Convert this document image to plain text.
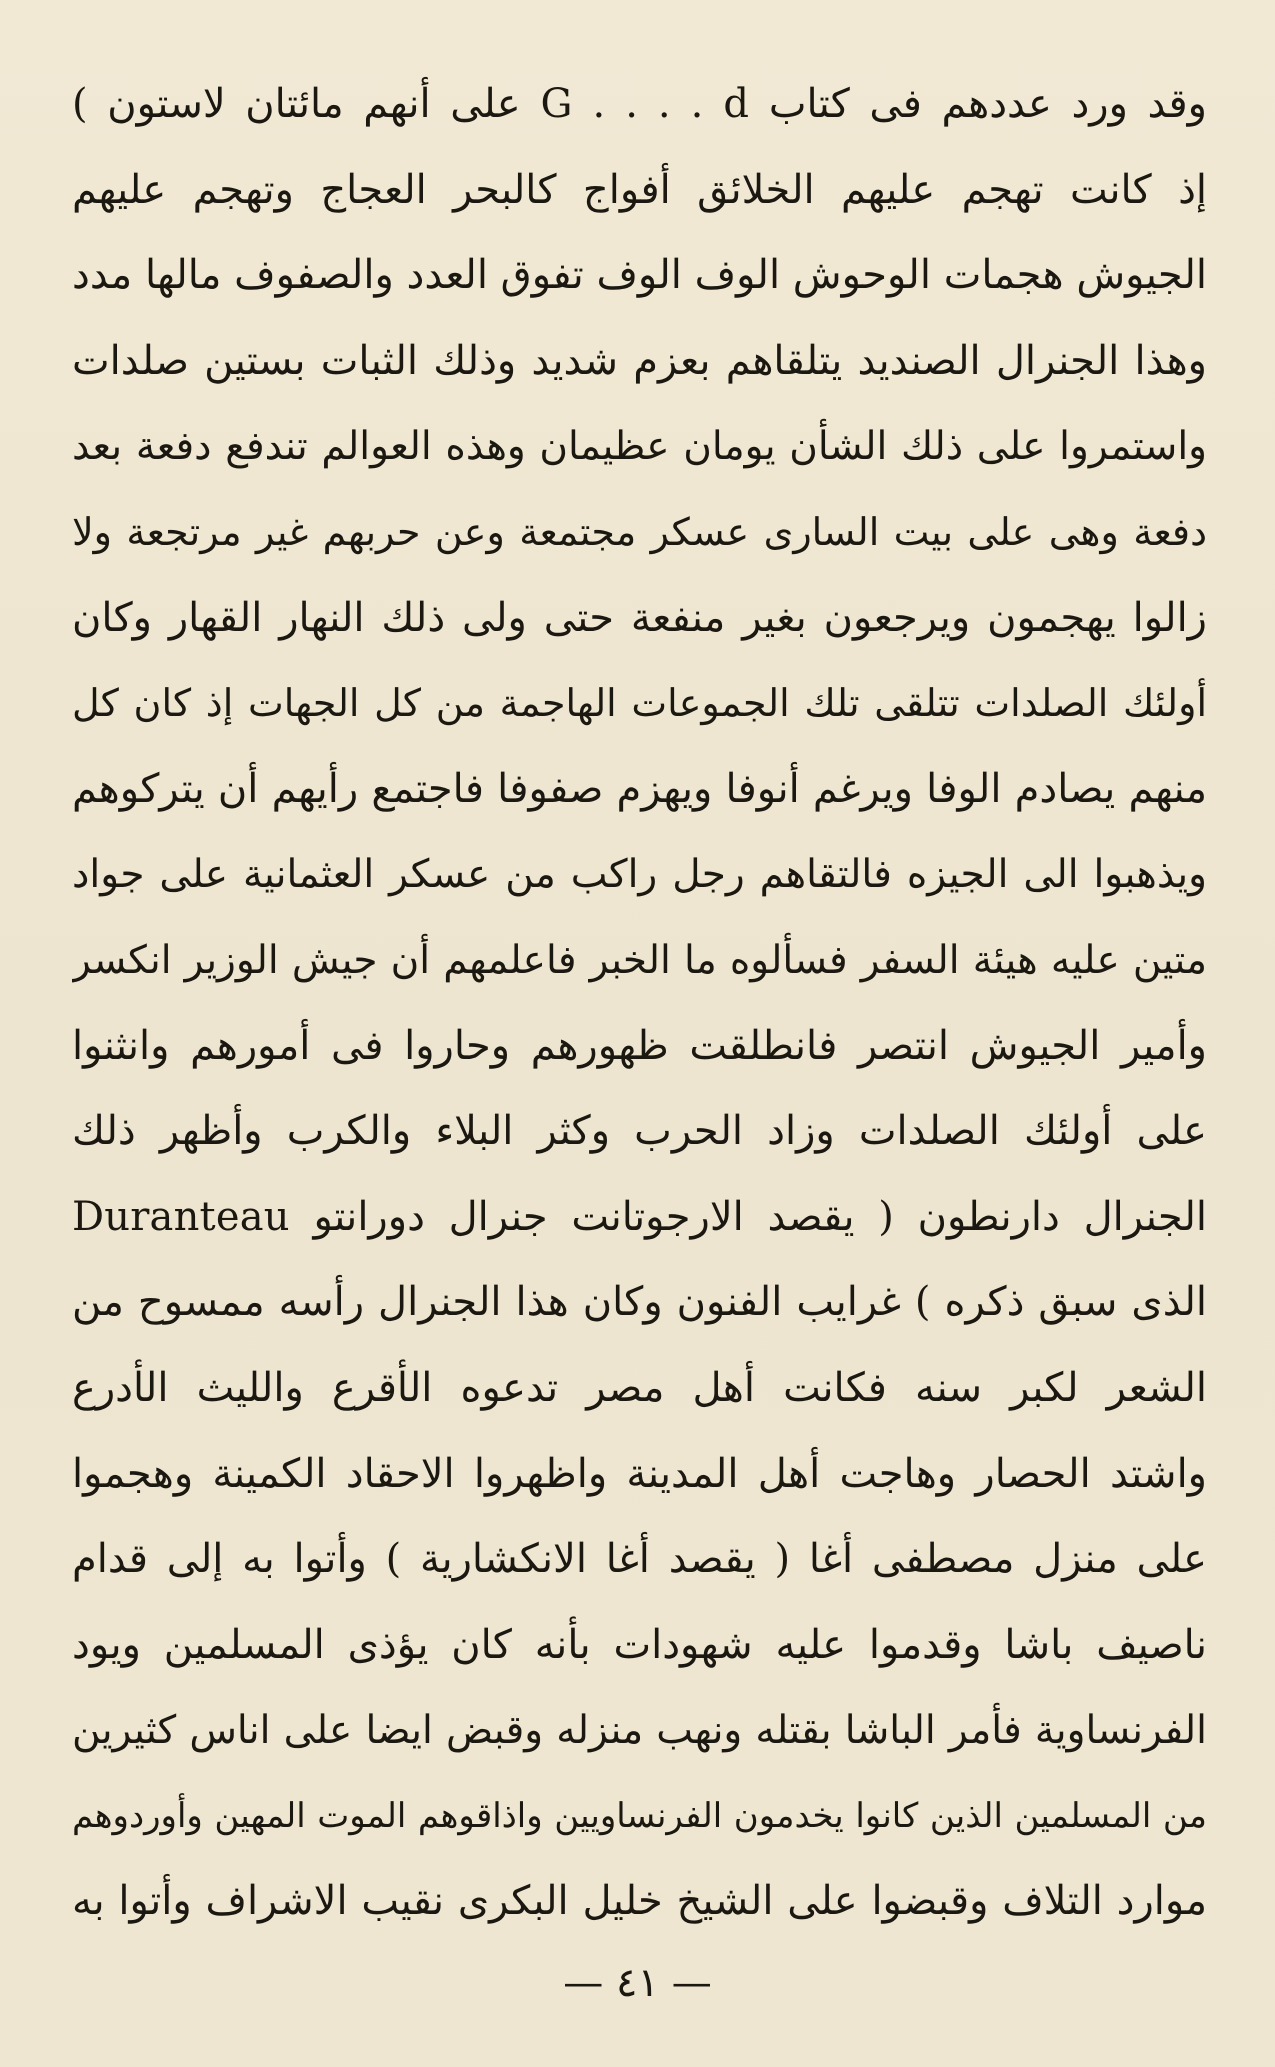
وقد ورد عددهم فى كتاب G . . . . d على أنهم مائتان لاستون )
إذ كانت تهجم عليهم الخلائق أفواج كالبحر العجاج وتهجم عليهم
الجيوش هجمات الوحوش الوف الوف تفوق العدد والصفوف مالها مدد
وهذا الجنرال الصنديد يتلقاهم بعزم شديد وذلك الثبات بستين صلدات
واستمروا على ذلك الشأن يومان عظيمان وهذه العوالم تندفع دفعة بعد
دفعة وهى على بيت السارى عسكر مجتمعة وعن حربهم غير مرتجعة ولا
زالوا يهجمون ويرجعون بغير منفعة حتى ولى ذلك النهار القهار وكان
أولئك الصلدات تتلقى تلك الجموعات الهاجمة من كل الجهات إذ كان كل
منهم يصادم الوفا ويرغم أنوفا ويهزم صفوفا فاجتمع رأيهم أن يتركوهم
ويذهبوا الى الجيزه فالتقاهم رجل راكب من عسكر العثمانية على جواد
متين عليه هيئة السفر فسألوه ما الخبر فاعلمهم أن جيش الوزير انكسر
وأمير الجيوش انتصر فانطلقت ظهورهم وحاروا فى أمورهم وانثنوا
على أولئك الصلدات وزاد الحرب وكثر البلاء والكرب وأظهر ذلك
الجنرال دارنطون ( يقصد الارجوتانت جنرال دورانتو Duranteau
الذى سبق ذكره ) غرايب الفنون وكان هذا الجنرال رأسه ممسوح من
الشعر لكبر سنه فكانت أهل مصر تدعوه الأقرع والليث الأدرع
واشتد الحصار وهاجت أهل المدينة واظهروا الاحقاد الكمينة وهجموا
على منزل مصطفى أغا ( يقصد أغا الانكشارية ) وأتوا به إلى قدام
ناصيف باشا وقدموا عليه شهودات بأنه كان يؤذى المسلمين ويود
الفرنساوية فأمر الباشا بقتله ونهب منزله وقبض ايضا على اناس كثيرين
من المسلمين الذين كانوا يخدمون الفرنساويين واذاقوهم الموت المهين وأوردوهم
موارد التلاف وقبضوا على الشيخ خليل البكرى نقيب الاشراف وأتوا به
— ٤١ —
